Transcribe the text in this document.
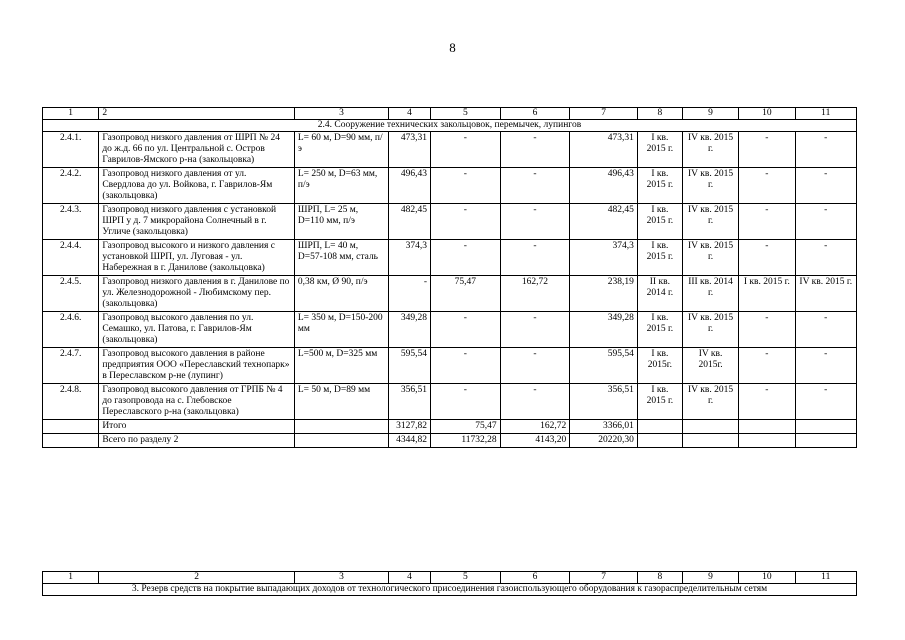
8
1	2	3	4	5	6	7	8	9	10	11
2.4. Сооружение технических закольцовок, перемычек, лупингов										
2.4.1.	Газопровод низкого давления от ШРП № 24 до ж.д. 66 по ул. Центральной с. Остров Гаврилов-Ямского р-на (закольцовка)	L= 60 м, D=90 мм, п/э	473,31	-	-	473,31	I кв. 2015 г.	IV кв. 2015 г.	-	-
2.4.2.	Газопровод низкого давления от ул. Свердлова до ул. Войкова, г. Гаврилов-Ям (закольцовка)	L= 250 м, D=63 мм, п/э	496,43	-	-	496,43	I кв. 2015 г.	IV кв. 2015 г.	-	-
2.4.3.	Газопровод низкого давления с установкой ШРП у д. 7 микрорайона Солнечный в г. Угличе (закольцовка)	ШРП, L= 25 м, D=110 мм, п/э	482,45	-	-	482,45	I кв. 2015 г.	IV кв. 2015 г.	-	-
2.4.4.	Газопровод высокого и низкого давления с установкой ШРП, ул. Луговая - ул. Набережная в г. Данилове (закольцовка)	ШРП, L= 40 м, D=57-108 мм, сталь	374,3	-	-	374,3	I кв. 2015 г.	IV кв. 2015 г.	-	-
2.4.5.	Газопровод низкого давления в г. Данилове по ул. Железнодорожной - Любимскому пер.(закольцовка)	0,38 км, Ø 90, п/э	-	75,47	162,72	238,19	II кв. 2014 г.	III кв. 2014 г.	I кв. 2015 г.	IV кв. 2015 г.
2.4.6.	Газопровод высокого давления по ул. Семашко, ул. Патова, г. Гаврилов-Ям (закольцовка)	L= 350 м, D=150-200 мм	349,28	-	-	349,28	I кв. 2015 г.	IV кв. 2015 г.	-	-
2.4.7.	Газопровод высокого давления в районе предприятия ООО «Переславский технопарк» в Переславском р-не (лупинг)	L=500 м, D=325 мм	595,54	-	-	595,54	I кв. 2015г.	IV кв. 2015г.	-	-
2.4.8.	Газопровод высокого давления от ГРПБ № 4 до газопровода на с. Глебовское Переславского р-на (закольцовка)	L= 50 м, D=89 мм	356,51	-	-	356,51	I кв. 2015 г.	IV кв. 2015 г.	-	-
	Итого		3127,82	75,47	162,72	3366,01				
	Всего по разделу 2		4344,82	11732,28	4143,20	20220,30				
1	2	3	4	5	6	7	8	9	10	11
3. Резерв средств на покрытие выпадающих доходов от технологического присоединения газоиспользующего оборудования к газораспределительным сетям
